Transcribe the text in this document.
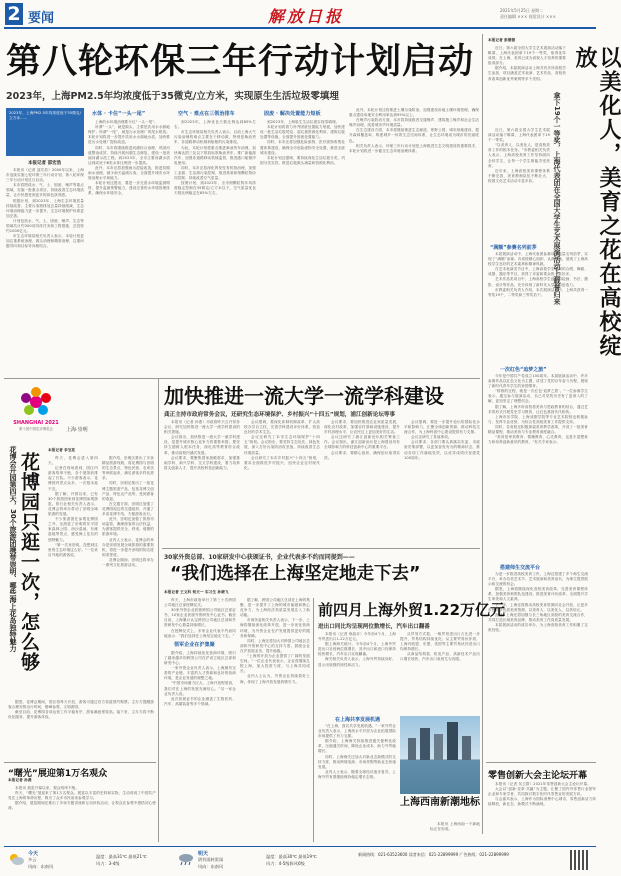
2 要闻	解放日报	2021年5月25日 星期二
责任编辑 ××× 视觉设计 ×××
第八轮环保三年行动计划启动
2023年，上海PM2.5年均浓度低于35微克/立方米，实现原生生活垃圾零填埋
2023年，上海PM2.5年均浓度低于35微克/立方米……
本报记者 邵宏浩

本报讯（记者 邵宏浩）2000年以来，上海市连续实施七轮环保三年行动计划，第八轮环保三年行动计划近日启动。

本市将围绕水、气、土、固废、噪声等重点领域，实施一批重点项目，持续改善生态环境质量，让市民感受到更多的绿色获得感。

根据计划，到2023年，上海生态环境质量持续改善，主要污染物排放总量持续削减，生态环境治理能力进一步提升，生态环境保护体系更加完善。

计划包括水、气、土、固废、噪声、生态等领域共计约300项具体任务和工程措施，总投资约1000亿元。

市生态环境局相关负责人表示，本轮计划更加注重系统治理、源头治理和精准治理，注重问题导向和目标导向相结合。

水体 · 卡住“一头一尾”

上海的水环境治理要卡住“一头一尾”。

所谓“一头”，就是源头，主要是饮用水水源地保护；所谓“一尾”，就是污水处理厂的尾水排放。本轮计划将进一步提升饮用水水源地水质，加快推进污水处理厂提标改造。

同时，本市将继续推进河湖综合治理，巩固河道整治成效，持续开展河湖生态修复，建设一批美丽河湖示范工程。到2023年，全市主要河湖水质达到或优于Ⅲ类水体比例进一步提高。

此外，本市还将加强雨污混接改造，推进初期雨水治理，减少雨天溢流污染，全面提升城市水环境治理水平和能力。

本轮计划还提出，要进一步完善水环境监测网络，提升监测预警能力，建设完善的水环境管理体系，确保水环境安全。

空气 · 难点在三领治排车

到2023年，上海优良天数比例达到85%左右。

市生态环境局相关负责人表示，目前上海大气污染治理的难点主要在于移动源，特别是柴油货车、非道路移动机械和船舶的污染排放。

为此，本轮计划将重点推进柴油货车治理，加快淘汰国三及以下排放标准柴油货车，推广新能源汽车，加强非道路移动机械监管，推进港口船舶岸电使用。

同时，本市还将深化挥发性有机物治理，加强工业源、生活源污染控制，推进臭氧和细颗粒物协同控制，持续改善空气质量。

按照计划，到2023年，全市细颗粒物年均浓度稳定控制在35微克/立方米以下，空气质量优良天数比例稳定在85%左右。

固废 · 解决处置能力短板

到2023年，上海原生生活垃圾实现零填埋。

本轮计划将着力补齐固废处置能力短板，加快建设一批生活垃圾焚烧、湿垃圾资源化利用、建筑垃圾处置等设施，全面提升固废处置能力。

同时，本市还将加强危险废物、医疗废物收集处置体系建设，确保全市危险废物安全处置，推进无废城市建设。

本轮计划还强调，要持续深化生活垃圾分类，巩固分类实效，推进垃圾源头减量和资源化利用。

此外，本轮计划还将推进土壤污染防治，加强建设用地土壤环境管理，确保重点建设用地安全利用率达到95%以上。

在噪声污染防治方面，本市将持续推进交通噪声、建筑施工噪声和社会生活噪声治理，改善城市声环境质量。

在生态建设方面，本市将继续推进生态廊道、郊野公园、城市绿地建设，提升森林覆盖率，构建城乡一体的生态空间体系，让生态环境成为城市的亮丽底色。

相关负责人表示，环保三年行动计划是上海推进生态文明建设的重要抓手，本轮计划将进一步健全生态环境治理体系。

本报记者 彭德倩

近日，第六届全国大学生艺术展演活动落下帷幕，上海代表团拿下19个一等奖，取得优异成绩。在上海，美育已成为高校人才培养的重要组成部分。

据介绍，本届展演活动上海共有多所高校学生参加，项目涵盖艺术表演、艺术作品、高校美育改革创新优秀案例等多个类别。	以美化人，美育之花在高校绽放
拿下19个一等奖，上海代表团在全国大学生艺术展演活动上载誉归来

近日，第六届全国大学生艺术展演活动落下帷幕，上海代表团拿下19个一等奖。

“以美育人、以美化人，是高校美育工作的根本任务。”市教委相关负责人表示，上海高校美育工作坚持面向全体学生，让每一个学生都能享受美育。

近年来，上海高校美育课程体系不断完善，美育教师队伍不断壮大，校园文化艺术活动丰富多彩。

“满额”参赛名列前茅

本届展演活动中，上海代表团参赛项目数量名列前茅，实现了“满额”参赛。各高校精心组织、认真准备，展现了上海高校学生良好的艺术素养和精神风貌。

在艺术表演类节目中，上海高校学生表演的合唱、舞蹈、戏剧、器乐等节目，获得了评委和观众的一致好评。

艺术作品类项目中，上海高校学生创作的绘画、书法、摄影、设计等作品，充分体现了新时代大学生的创造力。

市教委相关负责人介绍，本次展演活动中，上海共获得一等奖19个，二等奖和三等奖若干。

一次红色“追梦之旅”

今年是中国共产党成立100周年。本届展演活动中，许多参赛作品以红色文化为主题，讲述了党的百年奋斗历程，展现了新时代青年学生的家国情怀。

“排练的过程，就是一次红色‘追梦之旅’。”一位参赛学生表示，通过参与展演活动，自己对党的历史有了更深入的了解，更加坚定了理想信念。

据了解，上海多所高校将美育与思政教育相结合，通过艺术的形式开展党史学习教育，让红色基因代代相传。

上海音乐学院、上海戏剧学院等专业艺术院校也积极参与，发挥专业优势，为综合性高校美育工作提供支持。

同时，各高校还积极探索美育教学改革，开设了一批美育精品课程，推动美育与专业教育深度融合。

“美育是审美教育、情操教育、心灵教育，也是丰富想象力和培养创新意识的教育。”有关专家表示。

搭建师生交流平台

为进一步推进高校美育工作，上海还搭建了多个师生交流平台，举办各类艺术节、艺术展演和美育论坛，为师生提供展示和交流的机会。

据悉，上海将继续深化高校美育改革，完善美育课程体系，加强美育师资队伍建设，推进美育评价改革，全面提升学生审美和人文素养。

下一步，上海还将推动高校美育资源向社会开放，让更多市民共享优质美育资源，以美育人、以美化人、以美培元。

此外，上海还将加强与长三角地区高校的美育交流合作，共同打造区域美育品牌，推动美育工作高质量发展。

本届展演活动的成功举办，为上海高校美育工作积累了宝贵经验。

零售创新大会主论坛开幕

本报讯（记者 吴卫群）2021年零售创新大会主论坛开幕。

大会以“创新·变革·共赢”为主题，汇聚了国内外零售行业领军企业和专家学者，共同探讨数字化时代零售业的发展方向。

与会嘉宾表示，上海作为国际消费中心城市，零售创新活力持续释放，新业态、新模式不断涌现。

SHANGHAI 2021
第十届中国花卉博览会	上海·崇明
花博会开园第四天，30个旅游团携带崇明、哪些海上花岛独特魅力 花博园只逛一次，怎么够
本报记者 李宝花

昨天，花博会进入第四天。

记者在现场看到，园区内游客络绎不绝，各个展馆前排起了长队。不少游客表示，花博园内景点众多，一次根本逛不完。

据了解，开园以来，已有30个旅游团来到花博园参观游览。旅行社相关负责人表示，花博会的举办带动了崇明全域旅游的发展。

不少旅游团在参观花博园之外，还游览了崇明的东平国家森林公园、西沙湿地、东滩湿地等景点，感受海上花岛的独特魅力。

“第一次来崇明，没想到这里的生态环境这么好。”一位来自外地的游客说。

据介绍，崇明区推出了多条精品旅游线路，将花博园与崇明的生态景点、特色民宿、农家乐等串联起来，满足游客多样化需求。

同时，崇明还推出了一批花博主题旅游产品，包括花博文创产品、特色农产品等，受到游客的欢迎。

在交通方面，崇明区加强了花博园周边的交通组织，开通了多条花博专线，方便游客出行。

此外，崇明还加强了旅游市场监管，确保游客的合法权益，为游客提供安全、舒适、便捷的旅游环境。

业内人士表示，花博会的举办是崇明发展全域旅游的重要契机，将进一步提升崇明的知名度和美誉度。

花博会期间，崇明还将举办一系列文化旅游活动。

据悉，花博会期间，园区将每天开放，游客可通过官方渠道预约购票。主办方提醒游客合理安排出行时间，错峰参观，文明游园。

截至目前，花博园各项运营工作平稳有序，游客满意度较高。接下来，主办方将不断优化服务，提升游客体验。

“曙光”展迎第1万名观众
本报记者 孙燕

本报讯 展览开幕以来，观众络绎不绝。

昨天，“曙光”展迎来了第1万名观众。展览以丰富的史料和实物，生动再现了中国共产党在上海的革命历程，吸引了众多市民前来参观学习。

据介绍，展览期间还推出了多场专题讲座和互动体验活动，让观众在参观中感悟初心使命。

加快推进一流大学一流学科建设
龚正主持市政府常务会议，还研究生态环境保护、乡村振兴“十四五”规划，浦江创新论坛等事

本报讯（记者 孙燕）市政府昨天召开常务会议，研究加快推进一流大学一流学科建设的相关措施。

会议指出，加快推进一流大学一流学科建设，是提升城市核心竞争力的重要举措。要坚持立德树人根本任务，深化高等教育综合改革，推动高校内涵式发展。

会议要求，要聚焦国家战略需求，加强基础学科、新兴学科、交叉学科建设，着力培养拔尖创新人才，提升高校科技创新能力。

会议强调，要深化体制机制改革，扩大高校办学自主权，完善学科建设评价体系，营造良好的学术生态。

会议还研究了本市生态环境保护“十四五”规划。会议指出，要坚持生态优先、绿色发展，深入打好污染防治攻坚战，持续改善生态环境质量。

会议研究了本市乡村振兴“十四五”规划，要求全面推进乡村振兴，加快农业农村现代化。

会议要求，要加快推进农业高质量发展，深化农村改革，加强农村基础设施建设，提升乡村治理水平，让农民过上更加美好的生活。

会议还研究了浦江创新论坛相关筹备工作。会议指出，浦江创新论坛是上海建设具有全球影响力的科技创新中心的重要平台。

会议要求，要精心组织，确保论坛取得实效。

会议强调，要进一步提升论坛的国际化水平和影响力，汇聚全球创新资源，推动科技交流合作，为上海科创中心建设提供有力支撑。

会议还研究了其他事项。

会议要求，各部门要认真落实市委、市政府决策部署，以更加奋发有为的精神状态，推动各项工作落地见效，以优异成绩庆祝建党100周年。

30家外资总部、10家研发中心获颁证书，企业代表多不约而同提到——
“我们选择在上海坚定地走下去”
本报记者 王文科 何天一 实习生 孙晓飞

昨天，上海市政府举行了第三十次跨国公司地区总部授牌仪式。

30家外资企业获颁跨国公司地区总部证书，10家企业获颁外资研发中心证书。截至目前，上海累计认定跨国公司地区总部和外资研发中心数量持续增长。

在授牌仪式上，多家企业代表不约而同地表示：“我们选择在上海坚定地走下去。”

领军企业在沪集聚

据介绍，上海持续优化营商环境，吸引了越来越多的跨国公司在沪设立地区总部和研发中心。

一家外资企业负责人表示，上海拥有完善的产业链、丰富的人才资源和良好的营商环境，是企业发展的理想之地。

“中国市场潜力巨大，上海开放程度高，我们对在上海的发展充满信心。”另一家企业负责人说。

此次获颁证书的企业涵盖了生物医药、汽车、高端装备等多个领域。

据了解，跨国公司地区总部在上海的集聚，进一步提升了上海的城市能级和核心竞争力，为上海经济高质量发展注入了新动能。

市商务委相关负责人表示，下一步，上海将继续深化改革开放，进一步优化营商环境，为外资企业在沪发展提供更好的服务和保障。

同时，上海还将加大对跨国公司地区总部和外资研发中心的支持力度，鼓励企业在沪拓展业务，提升能级。

“上海的开放为企业提供了广阔的发展空间。”一位企业代表表示，企业将继续扎根上海，加大投资力度，与上海共同成长。

业内人士认为，外资企业持续看好上海，体现了上海开放发展的吸引力。

前四月上海外贸1.22万亿元
进出口同比均呈现两位数增长，汽车出口翻番

本报讯（记者 徐晶卉）今年前4个月，上海外贸进出口1.22万亿元。

据上海海关统计，今年前4个月，上海外贸进出口呈现两位数增长，其中出口和进口均保持较快增长，汽车出口实现翻番。

海关相关负责人表示，上海外贸持续向好，显示出较强的韧性和活力。

从贸易方式看，一般贸易进出口占比进一步提升，贸易结构持续优化。从主要贸易伙伴看，上海对欧盟、东盟、美国等主要贸易伙伴进出口均保持增长。

从商品结构看，机电产品、高新技术产品出口增长较快，汽车出口表现尤为亮眼。

在上海共享发展机遇

“在上海，我们共享发展机遇。”一家外贸企业负责人表示，上海高水平开放为企业拓展国际市场提供了有力支撑。

据介绍，上海海关持续推进通关便利化改革，压缩通关时间，降低企业成本，助力外贸稳增长。

同时，上海海关还加大对新业态新模式的支持力度，推动跨境电商、市场采购等新业态快速发展。

业内人士表示，随着全球经济逐步复苏，上海外贸有望继续保持稳定增长态势。

上海西南新潮地标

本报讯 上海西南一个新地标正在形成。

今天
多云
风向：东南风
温度：最高31℃ 最低21℃
风力：3-4级
明天
阴有雨转雷雨
风向：东南风
温度：最高30℃ 最低19℃
风力：4-5级阵风6级
新闻热线：021-63523600 读者来信：021-22899999 广告热线：021-22899999
